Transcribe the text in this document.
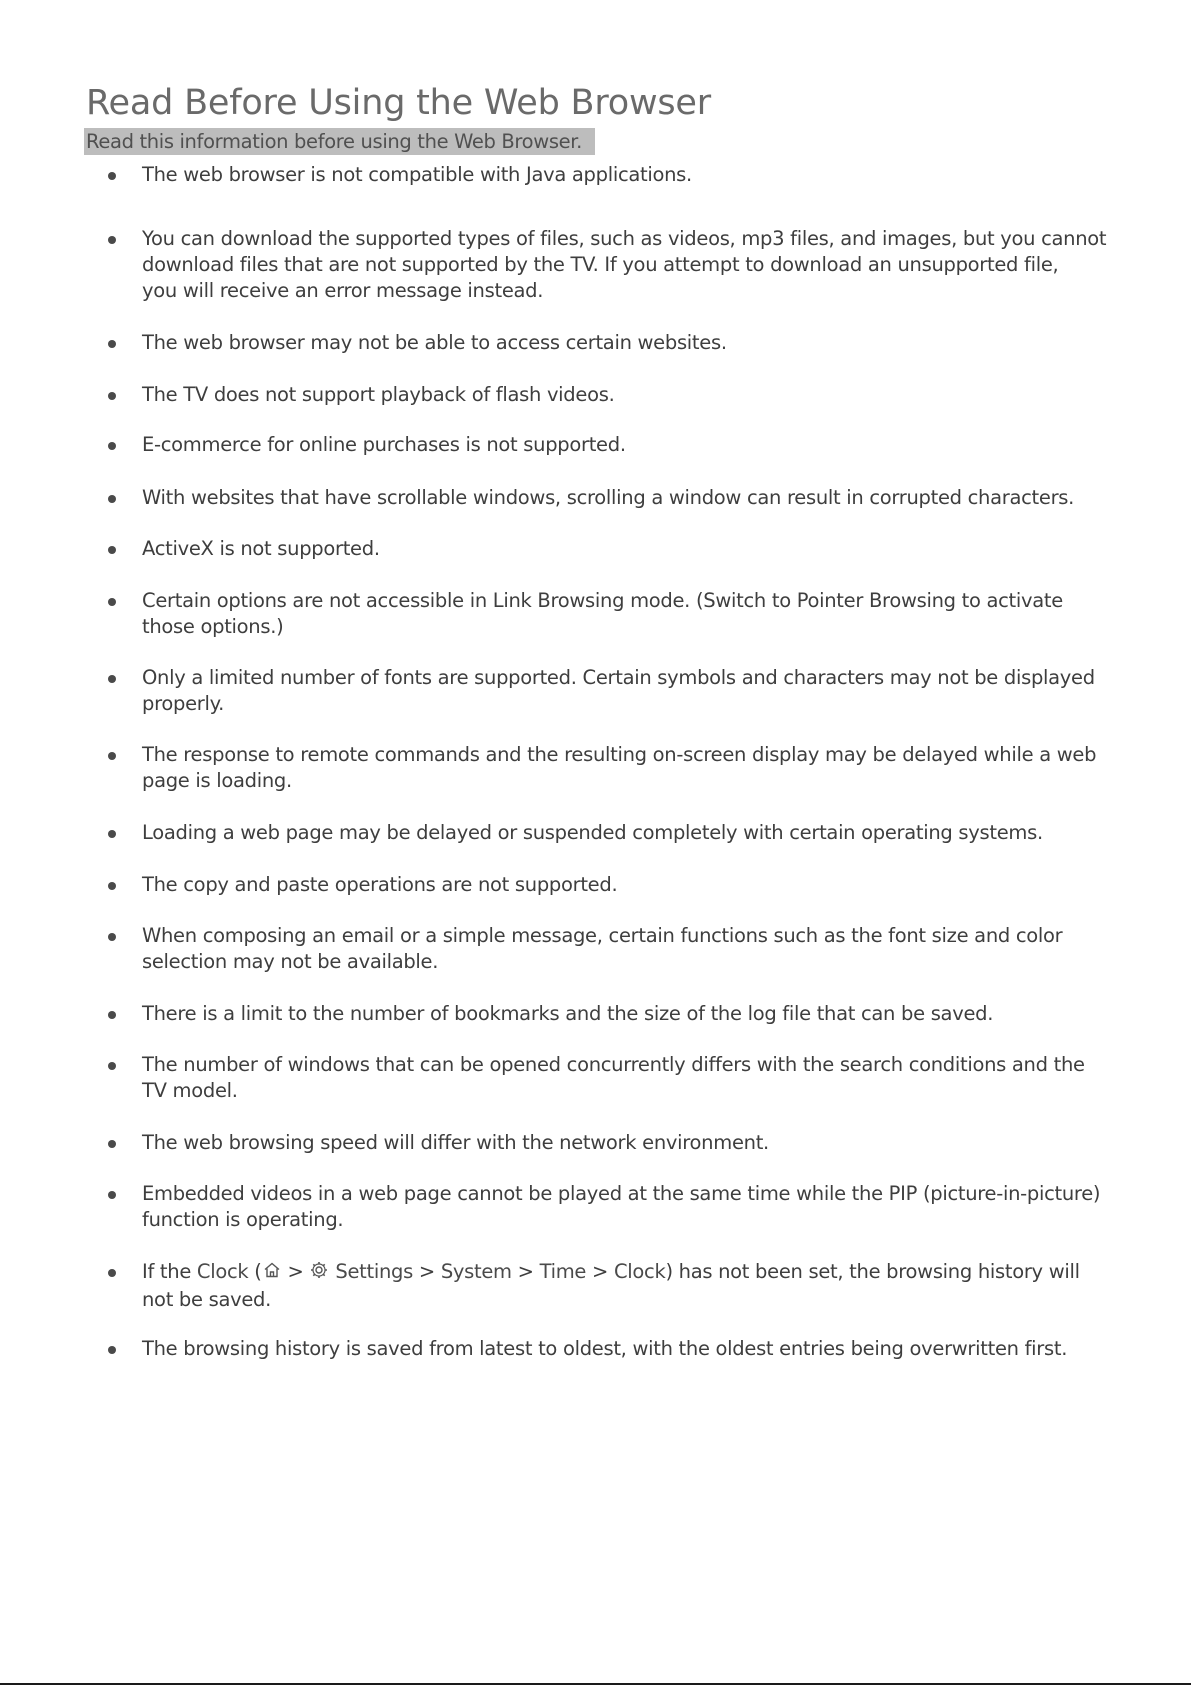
Read Before Using the Web Browser
Read this information before using the Web Browser.

The web browser is not compatible with Java applications.

You can download the supported types of files, such as videos, mp3 files, and images, but you cannot
download files that are not supported by the TV. If you attempt to download an unsupported file,
you will receive an error message instead.

The web browser may not be able to access certain websites.

The TV does not support playback of flash videos.

E-commerce for online purchases is not supported.

With websites that have scrollable windows, scrolling a window can result in corrupted characters.

ActiveX is not supported.

Certain options are not accessible in Link Browsing mode. (Switch to Pointer Browsing to activate
those options.)

Only a limited number of fonts are supported. Certain symbols and characters may not be displayed
properly.

The response to remote commands and the resulting on-screen display may be delayed while a web
page is loading.

Loading a web page may be delayed or suspended completely with certain operating systems.

The copy and paste operations are not supported.

When composing an email or a simple message, certain functions such as the font size and color
selection may not be available.

There is a limit to the number of bookmarks and the size of the log file that can be saved.

The number of windows that can be opened concurrently differs with the search conditions and the
TV model.

The web browsing speed will differ with the network environment.

Embedded videos in a web page cannot be played at the same time while the PIP (picture-in-picture)
function is operating.

If the Clock ( >  Settings > System > Time > Clock) has not been set, the browsing history will
not be saved.

The browsing history is saved from latest to oldest, with the oldest entries being overwritten first.
